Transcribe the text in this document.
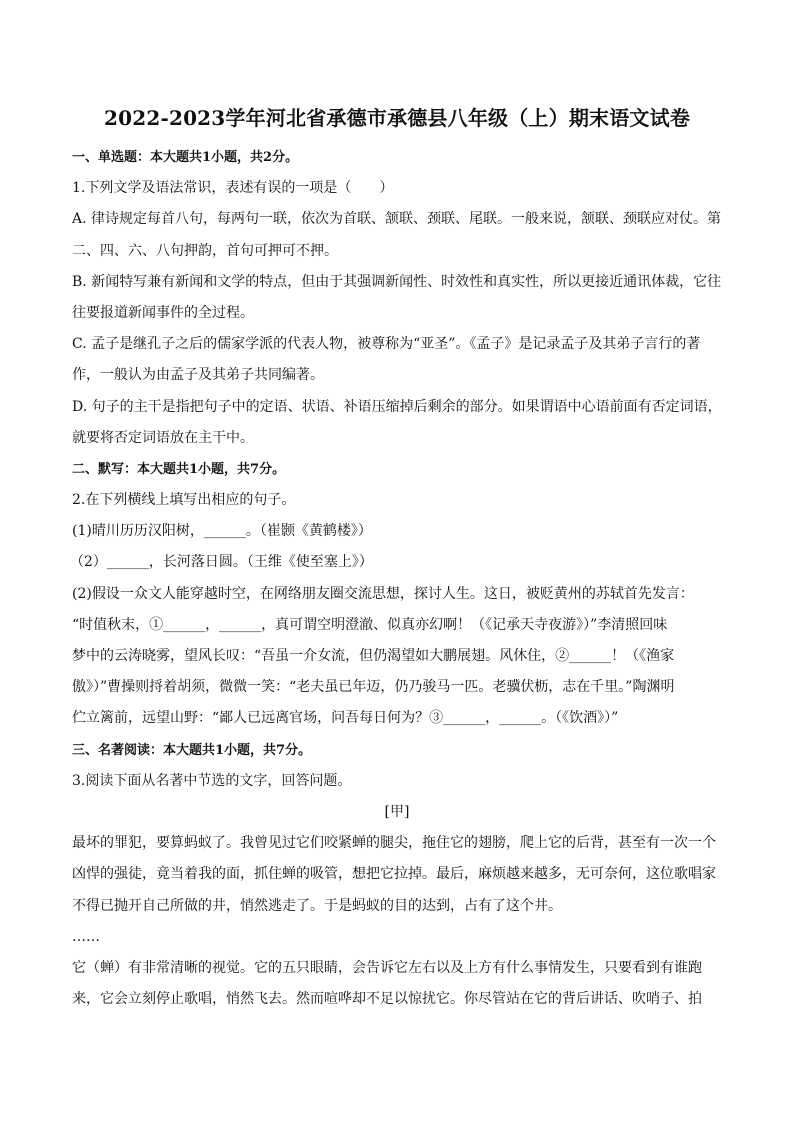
2022-2023学年河北省承德市承德县八年级（上）期末语文试卷
一、单选题：本大题共1小题，共2分。
1.下列文学及语法常识，表述有误的一项是（　　）
A. 律诗规定每首八句，每两句一联，依次为首联、颔联、颈联、尾联。一般来说，颔联、颈联应对仗。第
二、四、六、八句押韵，首句可押可不押。
B. 新闻特写兼有新闻和文学的特点，但由于其强调新闻性、时效性和真实性，所以更接近通讯体裁，它往
往要报道新闻事件的全过程。
C. 孟子是继孔子之后的儒家学派的代表人物，被尊称为“亚圣”。《孟子》是记录孟子及其弟子言行的著
作，一般认为由孟子及其弟子共同编著。
D. 句子的主干是指把句子中的定语、状语、补语压缩掉后剩余的部分。如果谓语中心语前面有否定词语，
就要将否定词语放在主干中。
二、默写：本大题共1小题，共7分。
2.在下列横线上填写出相应的句子。
(1)晴川历历汉阳树，______。（崔颢《黄鹤楼》）
（2）______，长河落日圆。（王维《使至塞上》）
(2)假设一众文人能穿越时空，在网络朋友圈交流思想，探讨人生。这日，被贬黄州的苏轼首先发言：
“时值秋末，①______，______，真可谓空明澄澈、似真亦幻啊！（《记承天寺夜游》）”李清照回味
梦中的云涛晓雾，望风长叹：“吾虽一介女流，但仍渴望如大鹏展翅。风休住，②______！（《渔家
傲》）”曹操则捋着胡须，微微一笑：“老夫虽已年迈，仍乃骏马一匹。老骥伏枥，志在千里。”陶渊明
伫立篱前，远望山野：“鄙人已远离官场，问吾每日何为？③______，______。（《饮酒》）”
三、名著阅读：本大题共1小题，共7分。
3.阅读下面从名著中节选的文字，回答问题。
[甲]
最坏的罪犯，要算蚂蚁了。我曾见过它们咬紧蝉的腿尖，拖住它的翅膀，爬上它的后背，甚至有一次一个
凶悍的强徒，竟当着我的面，抓住蝉的吸管，想把它拉掉。最后，麻烦越来越多，无可奈何，这位歌唱家
不得已抛开自己所做的井，悄然逃走了。于是蚂蚁的目的达到，占有了这个井。
……
它（蝉）有非常清晰的视觉。它的五只眼睛，会告诉它左右以及上方有什么事情发生，只要看到有谁跑
来，它会立刻停止歌唱，悄然飞去。然而喧哗却不足以惊扰它。你尽管站在它的背后讲话、吹哨子、拍
